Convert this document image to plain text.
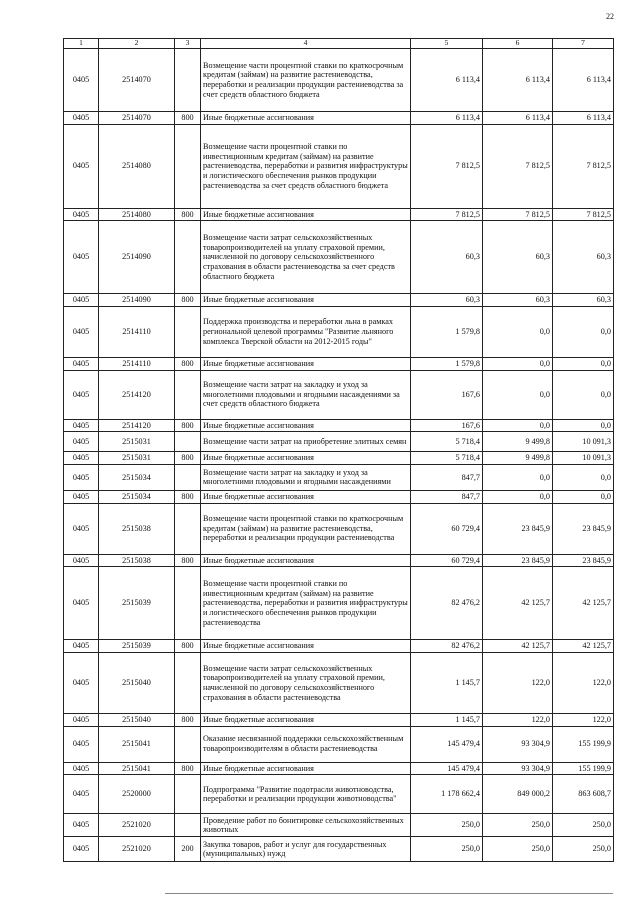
22
1	2	3	4	5	6	7
0405	2514070		Возмещение части процентной ставки по краткосрочным кредитам (займам) на развитие растениеводства, переработки и реализации продукции растениеводства за счет средств областного бюджета	6 113,4	6 113,4	6 113,4
0405	2514070	800	Иные бюджетные ассигнования	6 113,4	6 113,4	6 113,4
0405	2514080		Возмещение части процентной ставки по инвестиционным кредитам (займам) на развитие растениеводства, переработки и развития инфраструктуры и логистического обеспечения рынков продукции растениеводства за счет средств областного бюджета	7 812,5	7 812,5	7 812,5
0405	2514080	800	Иные бюджетные ассигнования	7 812,5	7 812,5	7 812,5
0405	2514090		Возмещение части затрат сельскохозяйственных товаропроизводителей на уплату страховой премии, начисленной по договору сельскохозяйственного страхования в области растениеводства за счет средств областного бюджета	60,3	60,3	60,3
0405	2514090	800	Иные бюджетные ассигнования	60,3	60,3	60,3
0405	2514110		Поддержка производства и переработки льна в рамках региональной целевой программы "Развитие льняного комплекса Тверской области на 2012-2015 годы"	1 579,8	0,0	0,0
0405	2514110	800	Иные бюджетные ассигнования	1 579,8	0,0	0,0
0405	2514120		Возмещение части затрат на закладку и уход за многолетними плодовыми и ягодными насаждениями за счет средств областного бюджета	167,6	0,0	0,0
0405	2514120	800	Иные бюджетные ассигнования	167,6	0,0	0,0
0405	2515031		Возмещение части затрат на приобретение элитных семян	5 718,4	9 499,8	10 091,3
0405	2515031	800	Иные бюджетные ассигнования	5 718,4	9 499,8	10 091,3
0405	2515034		Возмещение части затрат на закладку и уход за многолетними плодовыми и ягодными насаждениями	847,7	0,0	0,0
0405	2515034	800	Иные бюджетные ассигнования	847,7	0,0	0,0
0405	2515038		Возмещение части процентной ставки по краткосрочным кредитам (займам) на развитие растениеводства, переработки и реализации продукции растениеводства	60 729,4	23 845,9	23 845,9
0405	2515038	800	Иные бюджетные ассигнования	60 729,4	23 845,9	23 845,9
0405	2515039		Возмещение части процентной ставки по инвестиционным кредитам (займам) на развитие растениеводства, переработки и развития инфраструктуры и логистического обеспечения рынков продукции растениеводства	82 476,2	42 125,7	42 125,7
0405	2515039	800	Иные бюджетные ассигнования	82 476,2	42 125,7	42 125,7
0405	2515040		Возмещение части затрат сельскохозяйственных товаропроизводителей на уплату страховой премии, начисленной по договору сельскохозяйственного страхования в области растениеводства	1 145,7	122,0	122,0
0405	2515040	800	Иные бюджетные ассигнования	1 145,7	122,0	122,0
0405	2515041		Оказание несвязанной поддержки сельскохозяйственным товаропроизводителям в области растениеводства	145 479,4	93 304,9	155 199,9
0405	2515041	800	Иные бюджетные ассигнования	145 479,4	93 304,9	155 199,9
0405	2520000		Подпрограмма "Развитие подотрасли животноводства, переработки и реализации продукции животноводства"	1 178 662,4	849 000,2	863 608,7
0405	2521020		Проведение работ по бонитировке сельскохозяйственных животных	250,0	250,0	250,0
0405	2521020	200	Закупка товаров, работ и услуг для государственных (муниципальных) нужд	250,0	250,0	250,0
